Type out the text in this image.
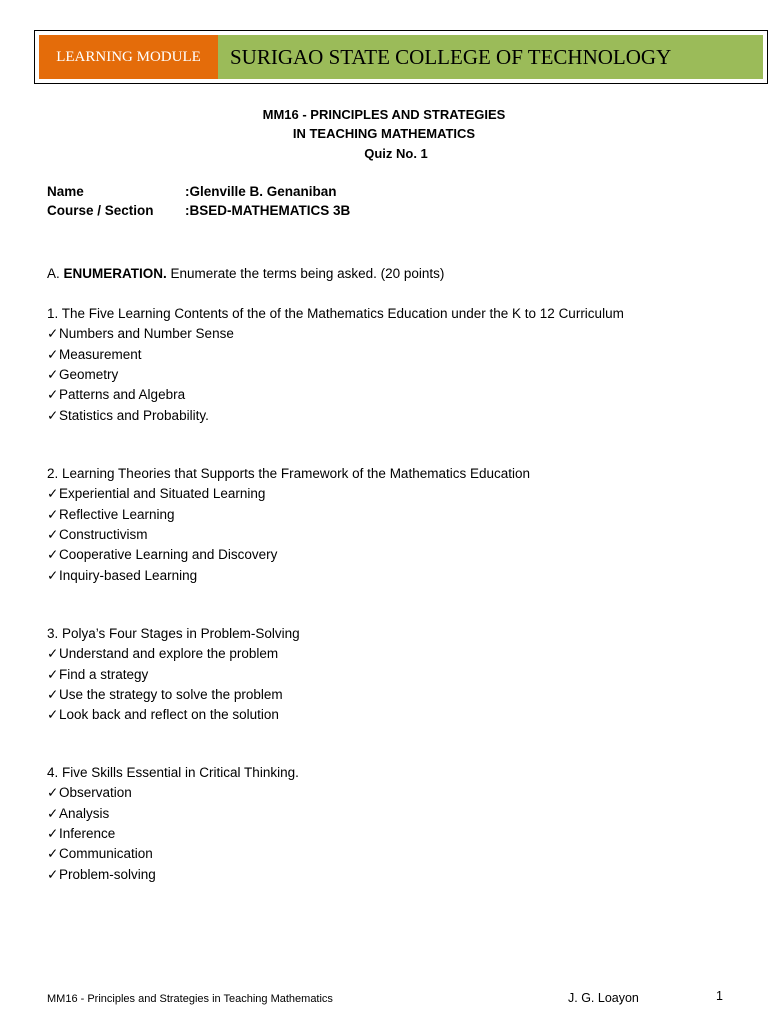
LEARNING MODULE	SURIGAO STATE COLLEGE OF TECHNOLOGY
MM16 - PRINCIPLES AND STRATEGIES
IN TEACHING MATHEMATICS
Quiz No. 1
Name	:Glenville B. Genaniban
Course / Section :BSED-MATHEMATICS 3B
A. ENUMERATION. Enumerate the terms being asked. (20 points)
1. The Five Learning Contents of the of the Mathematics Education under the K to 12 Curriculum
✓Numbers and Number Sense
✓Measurement
✓Geometry
✓Patterns and Algebra
✓Statistics and Probability.
2. Learning Theories that Supports the Framework of the Mathematics Education
✓Experiential and Situated Learning
✓Reflective Learning
✓Constructivism
✓Cooperative Learning and Discovery
✓Inquiry-based Learning
3. Polya’s Four Stages in Problem-Solving
✓Understand and explore the problem
✓Find a strategy
✓Use the strategy to solve the problem
✓Look back and reflect on the solution
4. Five Skills Essential in Critical Thinking.
✓Observation
✓Analysis
✓Inference
✓Communication
✓Problem-solving
MM16 - Principles and Strategies in Teaching Mathematics	J. G. Loayon	1
